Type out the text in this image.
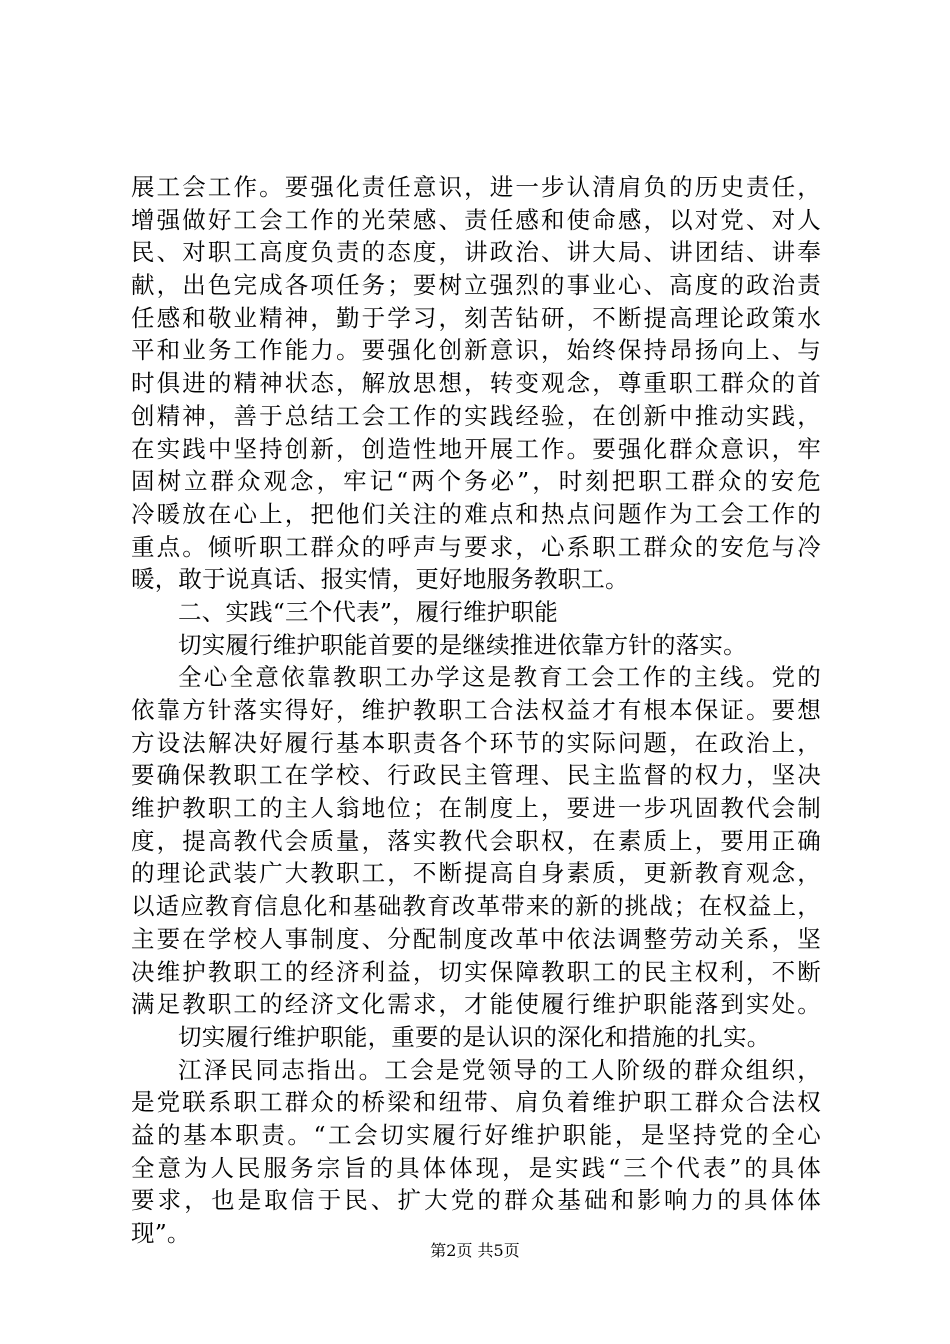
展工会工作。要强化责任意识，进一步认清肩负的历史责任，
增强做好工会工作的光荣感、责任感和使命感，以对党、对人
民、对职工高度负责的态度，讲政治、讲大局、讲团结、讲奉
献，出色完成各项任务；要树立强烈的事业心、高度的政治责
任感和敬业精神，勤于学习，刻苦钻研，不断提高理论政策水
平和业务工作能力。要强化创新意识，始终保持昂扬向上、与
时俱进的精神状态，解放思想，转变观念，尊重职工群众的首
创精神，善于总结工会工作的实践经验，在创新中推动实践，
在实践中坚持创新，创造性地开展工作。要强化群众意识，牢
固树立群众观念，牢记“两个务必”，时刻把职工群众的安危
冷暖放在心上，把他们关注的难点和热点问题作为工会工作的
重点。倾听职工群众的呼声与要求，心系职工群众的安危与冷
暖，敢于说真话、报实情，更好地服务教职工。
二、实践“三个代表”，履行维护职能
切实履行维护职能首要的是继续推进依靠方针的落实。
全心全意依靠教职工办学这是教育工会工作的主线。党的
依靠方针落实得好，维护教职工合法权益才有根本保证。要想
方设法解决好履行基本职责各个环节的实际问题，在政治上，
要确保教职工在学校、行政民主管理、民主监督的权力，坚决
维护教职工的主人翁地位；在制度上，要进一步巩固教代会制
度，提高教代会质量，落实教代会职权，在素质上，要用正确
的理论武装广大教职工，不断提高自身素质，更新教育观念，
以适应教育信息化和基础教育改革带来的新的挑战；在权益上，
主要在学校人事制度、分配制度改革中依法调整劳动关系，坚
决维护教职工的经济利益，切实保障教职工的民主权利，不断
满足教职工的经济文化需求，才能使履行维护职能落到实处。
切实履行维护职能，重要的是认识的深化和措施的扎实。
江泽民同志指出。工会是党领导的工人阶级的群众组织，
是党联系职工群众的桥梁和纽带、肩负着维护职工群众合法权
益的基本职责。“工会切实履行好维护职能，是坚持党的全心
全意为人民服务宗旨的具体体现，是实践“三个代表”的具体
要求，也是取信于民、扩大党的群众基础和影响力的具体体
现”。
第2页 共5页
